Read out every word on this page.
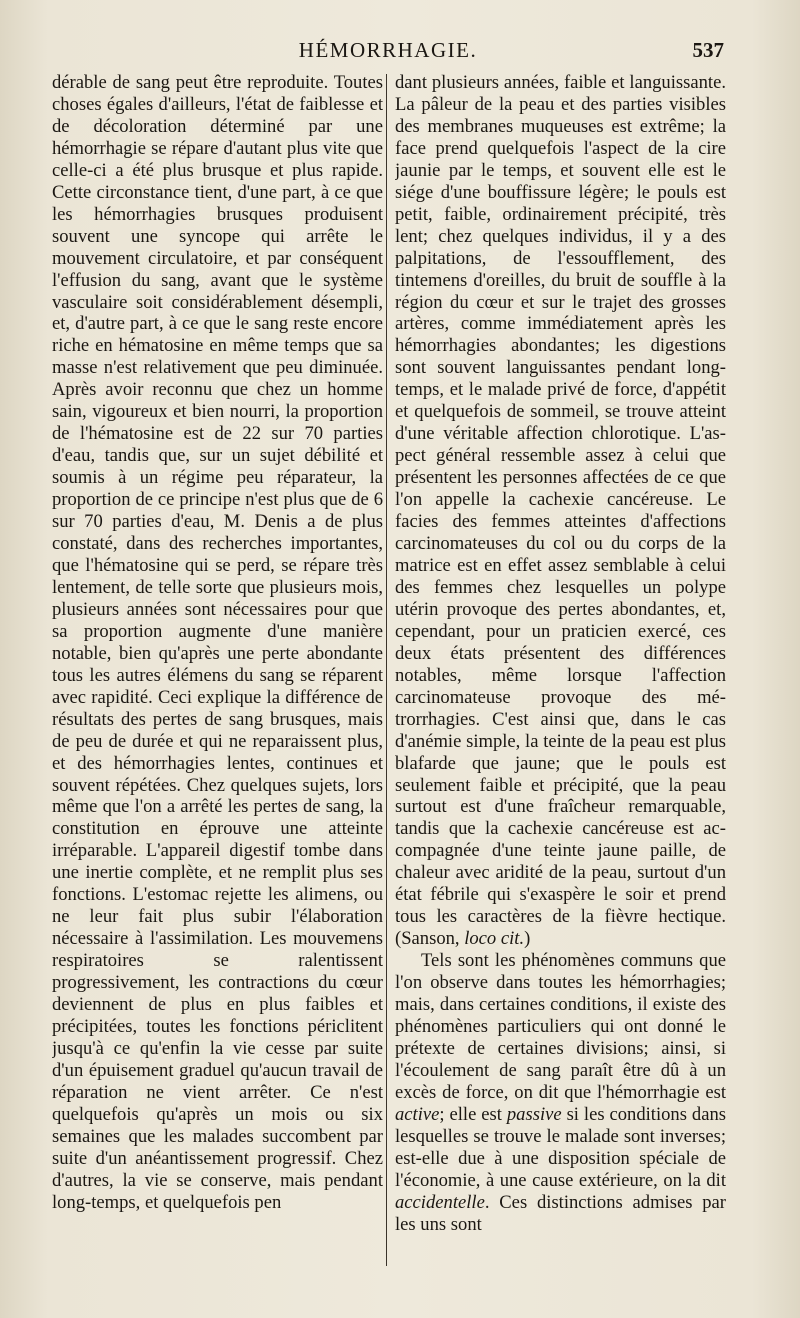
HÉMORRHAGIE.	537

dérable de sang peut être reproduite. Toutes choses égales d'ailleurs, l'état de faiblesse et de décoloration déterminé par une hémorrhagie se répare d'autant plus vite que celle-ci a été plus brusque et plus rapide. Cette circonstance tient, d'une part, à ce que les hémorrhagies brusques produisent souvent une syncope qui arrête le mouvement circulatoire, et par conséquent l'effusion du sang, avant que le système vasculaire soit considérablement désempli, et, d'autre part, à ce que le sang reste encore riche en hématosine en même temps que sa masse n'est relativement que peu diminuée. Après avoir reconnu que chez un homme sain, vigoureux et bien nourri, la proportion de l'hématosine est de 22 sur 70 parties d'eau, tandis que, sur un sujet débilité et soumis à un régime peu réparateur, la proportion de ce principe n'est plus que de 6 sur 70 parties d'eau, M. Denis a de plus constaté, dans des recherches importantes, que l'hématosine qui se perd, se répare très lentement, de telle sorte que plusieurs mois, plusieurs années sont nécessaires pour que sa proportion augmente d'une manière notable, bien qu'après une perte abondante tous les autres élémens du sang se réparent avec rapidité. Ceci explique la différence de résultats des pertes de sang brusques, mais de peu de durée et qui ne reparaissent plus, et des hémorrhagies lentes, continues et souvent répétées. Chez quelques sujets, lors même que l'on a arrêté les pertes de sang, la constitution en éprouve une atteinte irréparable. L'appareil digestif tombe dans une inertie complète, et ne remplit plus ses fonctions. L'estomac rejette les alimens, ou ne leur fait plus subir l'élaboration nécessaire à l'assimilation. Les mouvemens respiratoires se ralentissent progressivement, les contractions du cœur deviennent de plus en plus faibles et précipitées, toutes les fonctions périclitent jusqu'à ce qu'enfin la vie cesse par suite d'un épuisement graduel qu'aucun travail de réparation ne vient arrêter. Ce n'est quelquefois qu'après un mois ou six semaines que les malades succombent par suite d'un anéantissement progressif. Chez d'autres, la vie se conserve, mais pendant long-temps, et quelquefois pen

dant plusieurs années, faible et languissante. La pâleur de la peau et des parties visibles des membranes muqueuses est extrême; la face prend quelquefois l'aspect de la cire jaunie par le temps, et souvent elle est le siége d'une bouffissure légère; le pouls est petit, faible, ordinairement précipité, très lent; chez quelques individus, il y a des palpitations, de l'essoufflement, des tintemens d'oreilles, du bruit de souffle à la région du cœur et sur le trajet des grosses artères, comme immédiatement après les hémorrhagies abondantes; les digestions sont souvent languissantes pendant long-temps, et le malade privé de force, d'appétit et quelquefois de sommeil, se trouve atteint d'une véritable affection chlorotique. L'aspect général ressemble assez à celui que présentent les personnes affectées de ce que l'on appelle la cachexie cancéreuse. Le facies des femmes atteintes d'affections carcinomateuses du col ou du corps de la matrice est en effet assez semblable à celui des femmes chez lesquelles un polype utérin provoque des pertes abondantes, et, cependant, pour un praticien exercé, ces deux états présentent des différences notables, même lorsque l'affection carcinomateuse provoque des métrorrhagies. C'est ainsi que, dans le cas d'anémie simple, la teinte de la peau est plus blafarde que jaune; que le pouls est seulement faible et précipité, que la peau surtout est d'une fraîcheur remarquable, tandis que la cachexie cancéreuse est accompagnée d'une teinte jaune paille, de chaleur avec aridité de la peau, surtout d'un état fébrile qui s'exaspère le soir et prend tous les caractères de la fièvre hectique. (Sanson, loco cit.)

Tels sont les phénomènes communs que l'on observe dans toutes les hémorrhagies; mais, dans certaines conditions, il existe des phénomènes particuliers qui ont donné le prétexte de certaines divisions; ainsi, si l'écoulement de sang paraît être dû à un excès de force, on dit que l'hémorrhagie est active; elle est passive si les conditions dans lesquelles se trouve le malade sont inverses; est-elle due à une disposition spéciale de l'économie, à une cause extérieure, on la dit accidentelle. Ces distinctions admises par les uns sont
